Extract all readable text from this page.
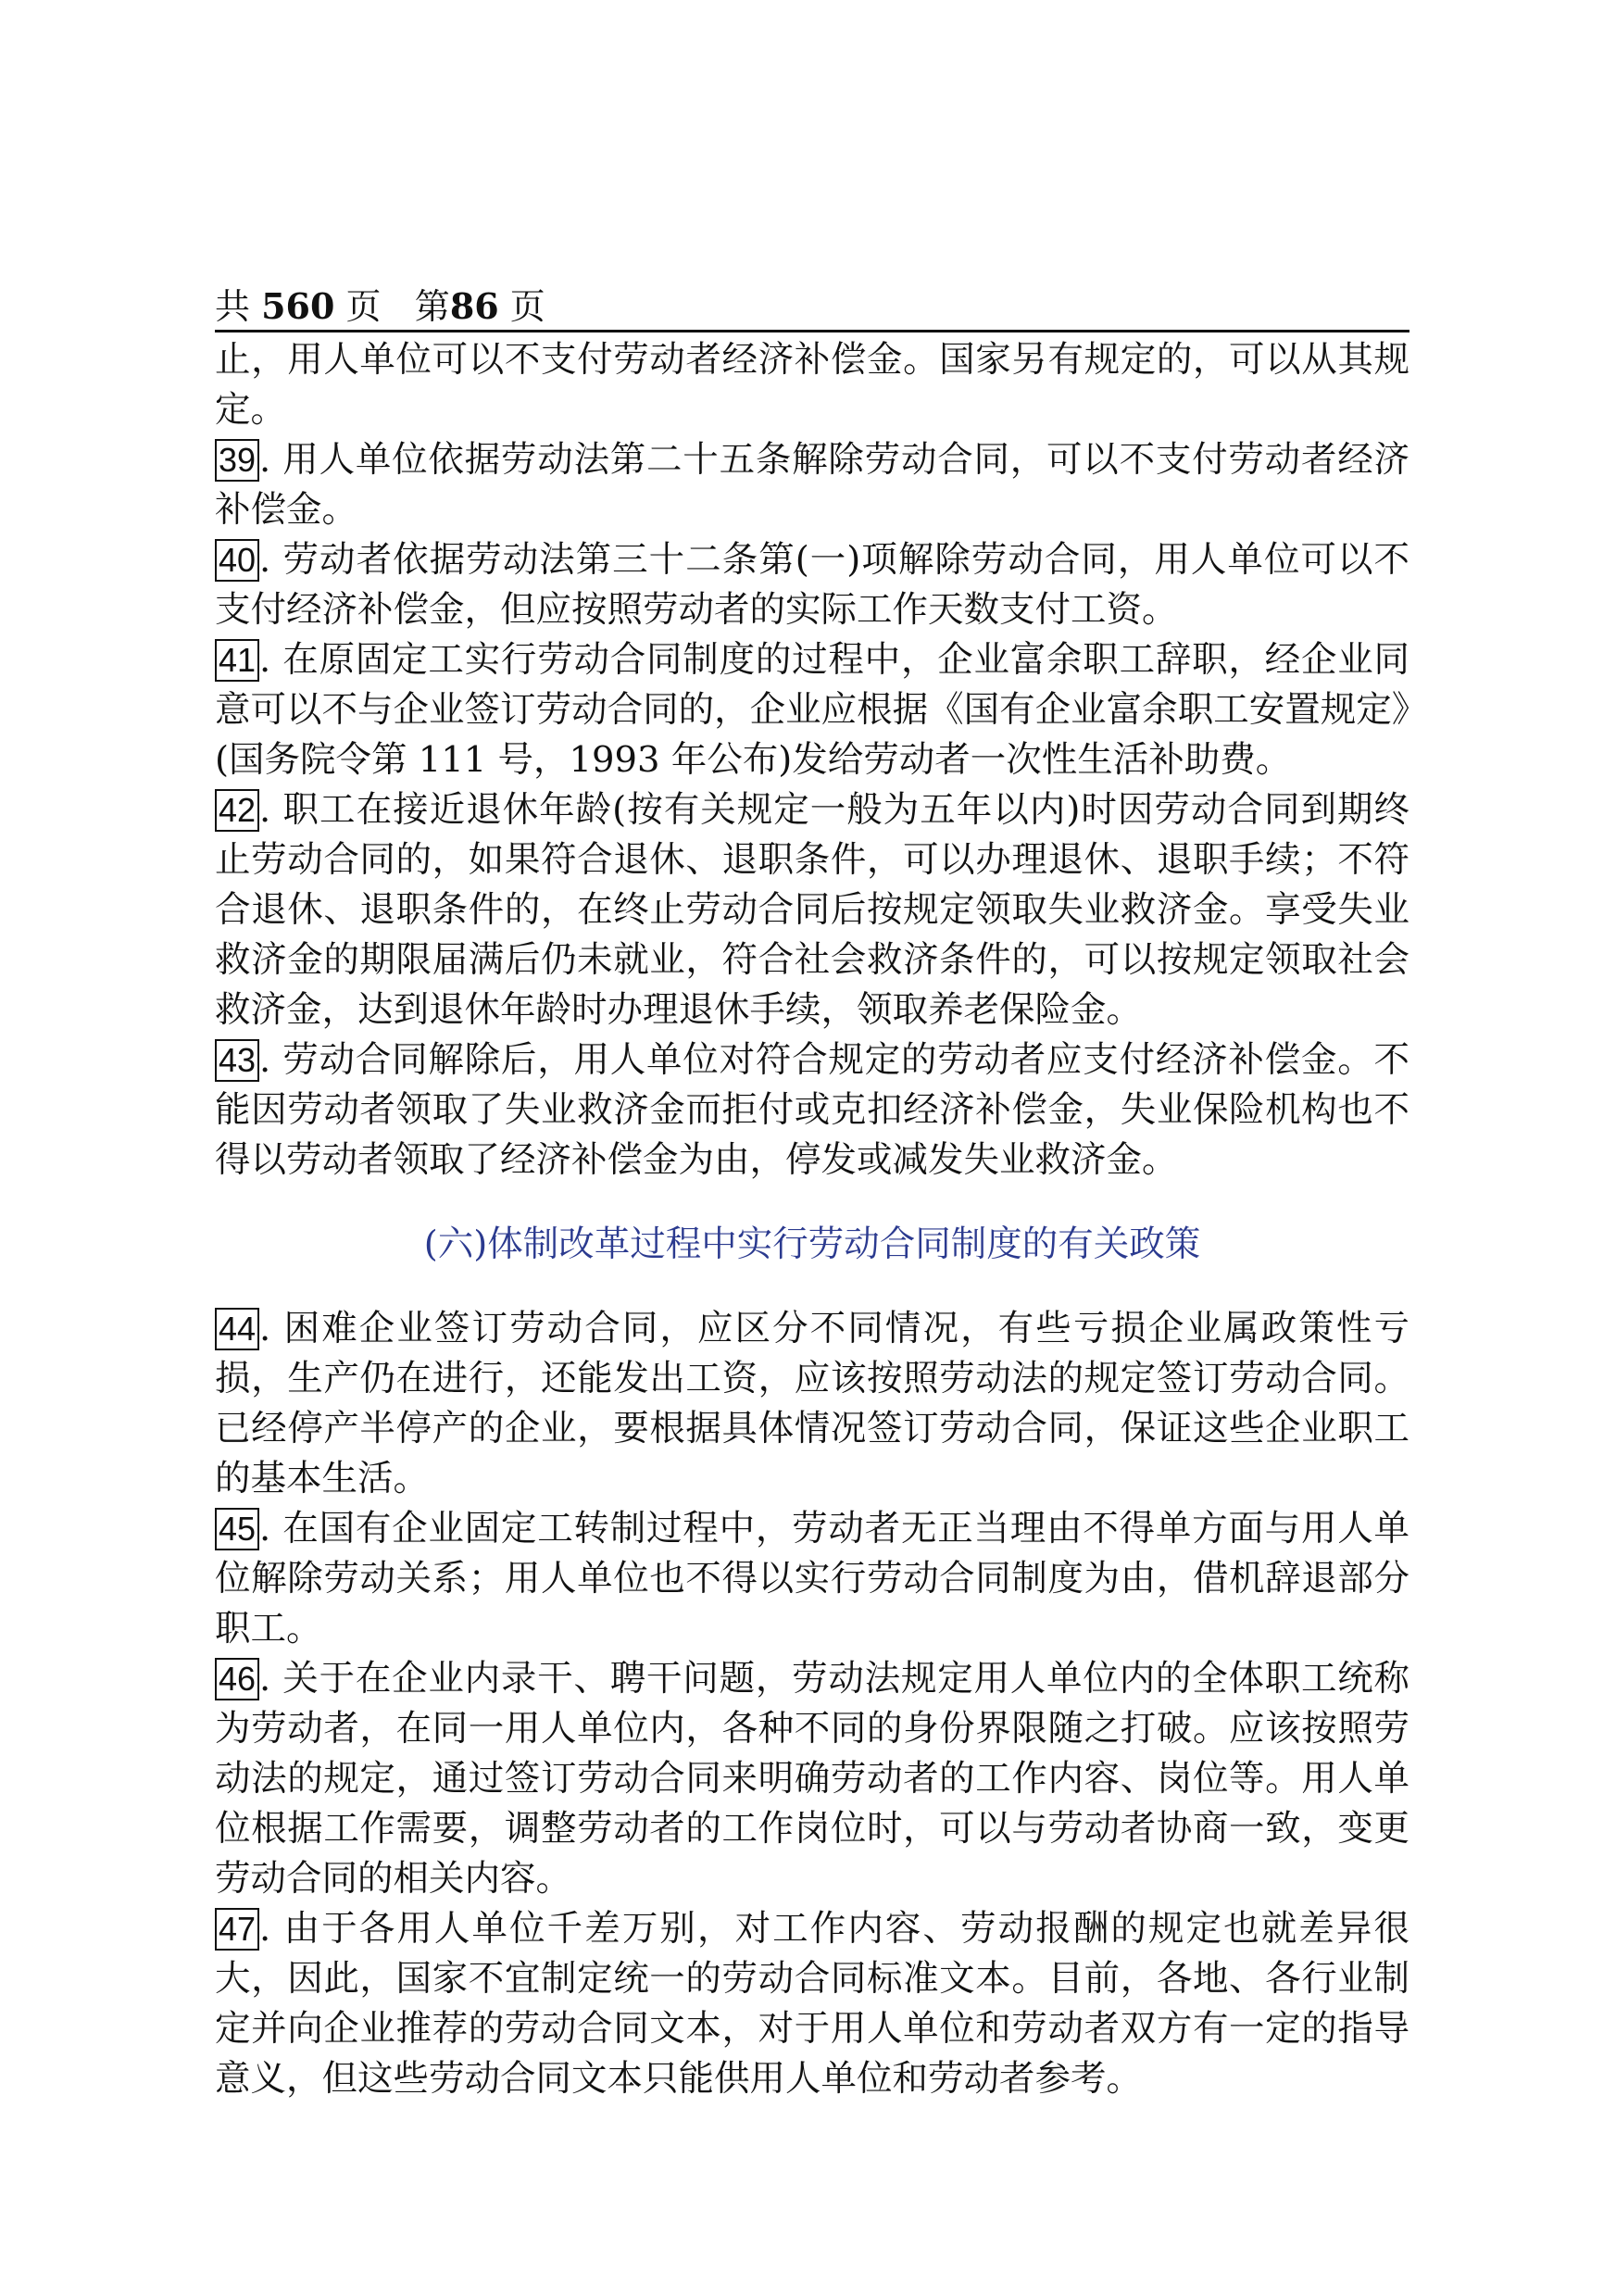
共 560 页 第86 页

止，用人单位可以不支付劳动者经济补偿金。国家另有规定的，可以从其规定。

39 . 用人单位依据劳动法第二十五条解除劳动合同，可以不支付劳动者经济补偿金。

40 . 劳动者依据劳动法第三十二条第(一)项解除劳动合同，用人单位可以不支付经济补偿金，但应按照劳动者的实际工作天数支付工资。

41 . 在原固定工实行劳动合同制度的过程中，企业富余职工辞职，经企业同意可以不与企业签订劳动合同的，企业应根据《国有企业富余职工安置规定》(国务院令第 111 号，1993 年公布)发给劳动者一次性生活补助费。

42 . 职工在接近退休年龄(按有关规定一般为五年以内)时因劳动合同到期终止劳动合同的，如果符合退休、退职条件，可以办理退休、退职手续；不符合退休、退职条件的，在终止劳动合同后按规定领取失业救济金。享受失业救济金的期限届满后仍未就业，符合社会救济条件的，可以按规定领取社会救济金，达到退休年龄时办理退休手续，领取养老保险金。

43 . 劳动合同解除后，用人单位对符合规定的劳动者应支付经济补偿金。不能因劳动者领取了失业救济金而拒付或克扣经济补偿金，失业保险机构也不得以劳动者领取了经济补偿金为由，停发或减发失业救济金。

(六)体制改革过程中实行劳动合同制度的有关政策

44 . 困难企业签订劳动合同，应区分不同情况，有些亏损企业属政策性亏损，生产仍在进行，还能发出工资，应该按照劳动法的规定签订劳动合同。已经停产半停产的企业，要根据具体情况签订劳动合同，保证这些企业职工的基本生活。

45 . 在国有企业固定工转制过程中，劳动者无正当理由不得单方面与用人单位解除劳动关系；用人单位也不得以实行劳动合同制度为由，借机辞退部分职工。

46 . 关于在企业内录干、聘干问题，劳动法规定用人单位内的全体职工统称为劳动者，在同一用人单位内，各种不同的身份界限随之打破。应该按照劳动法的规定，通过签订劳动合同来明确劳动者的工作内容、岗位等。用人单位根据工作需要，调整劳动者的工作岗位时，可以与劳动者协商一致，变更劳动合同的相关内容。

47 . 由于各用人单位千差万别，对工作内容、劳动报酬的规定也就差异很大，因此，国家不宜制定统一的劳动合同标准文本。目前，各地、各行业制定并向企业推荐的劳动合同文本，对于用人单位和劳动者双方有一定的指导意义，但这些劳动合同文本只能供用人单位和劳动者参考。
